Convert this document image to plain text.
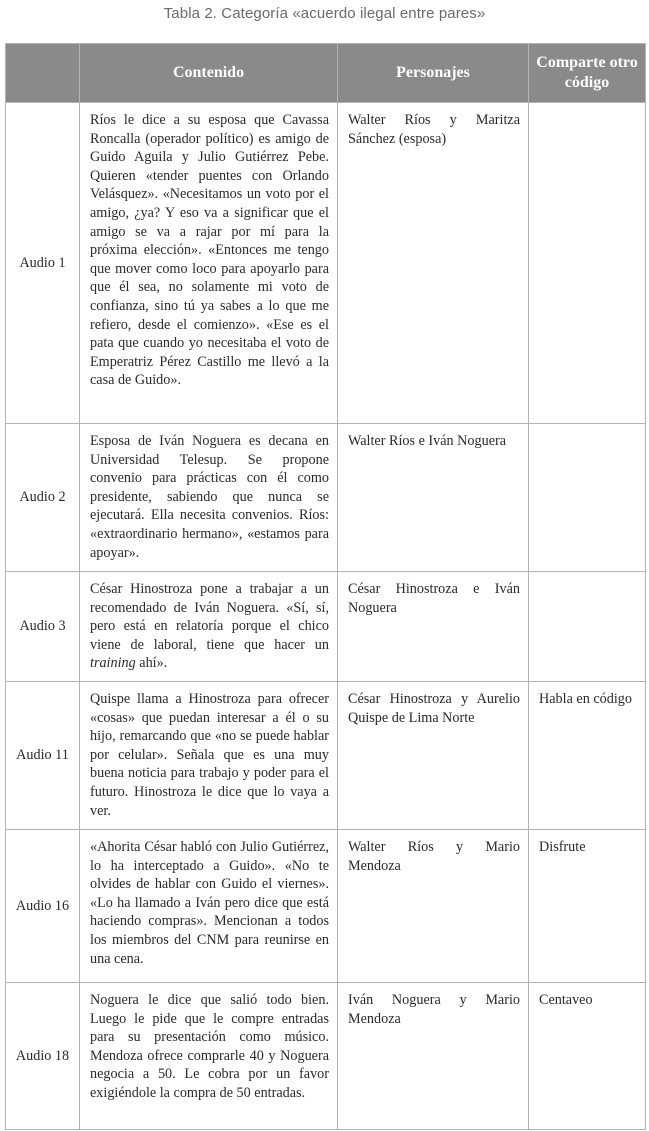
Tabla 2. Categoría «acuerdo ilegal entre pares»
	Contenido	Personajes	Comparte otro código
Audio 1	Ríos le dice a su esposa que Cavassa Roncalla (operador político) es amigo de Guido Aguila y Julio Gutiérrez Pebe. Quieren «tender puentes con Orlando Velásquez». «Necesitamos un voto por el amigo, ¿ya? Y eso va a significar que el amigo se va a rajar por mí para la próxima elección». «Entonces me tengo que mover como loco para apoyarlo para que él sea, no solamente mi voto de confianza, sino tú ya sabes a lo que me refiero, desde el comienzo». «Ese es el pata que cuando yo necesitaba el voto de Emperatriz Pérez Castillo me llevó a la casa de Guido».	Walter Ríos y Maritza Sánchez (esposa)	
Audio 2	Esposa de Iván Noguera es decana en Universidad Telesup. Se propone convenio para prácticas con él como presidente, sabiendo que nunca se ejecutará. Ella necesita convenios. Ríos: «extraordinario hermano», «estamos para apoyar».	Walter Ríos e Iván Noguera	
Audio 3	César Hinostroza pone a trabajar a un recomendado de Iván Noguera. «Sí, sí, pero está en relatoría porque el chico viene de laboral, tiene que hacer un training ahí».	César Hinostroza e Iván Noguera	
Audio 11	Quispe llama a Hinostroza para ofrecer «cosas» que puedan interesar a él o su hijo, remarcando que «no se puede hablar por celular». Señala que es una muy buena noticia para trabajo y poder para el futuro. Hinostroza le dice que lo vaya a ver.	César Hinostroza y Aurelio Quispe de Lima Norte	Habla en código
Audio 16	«Ahorita César habló con Julio Gutiérrez, lo ha interceptado a Guido». «No te olvides de hablar con Guido el viernes». «Lo ha llamado a Iván pero dice que está haciendo compras». Mencionan a todos los miembros del CNM para reunirse en una cena.	Walter Ríos y Mario Mendoza	Disfrute
Audio 18	Noguera le dice que salió todo bien. Luego le pide que le compre entradas para su presentación como músico. Mendoza ofrece comprarle 40 y Noguera negocia a 50. Le cobra por un favor exigiéndole la compra de 50 entradas.	Iván Noguera y Mario Mendoza	Centaveo
